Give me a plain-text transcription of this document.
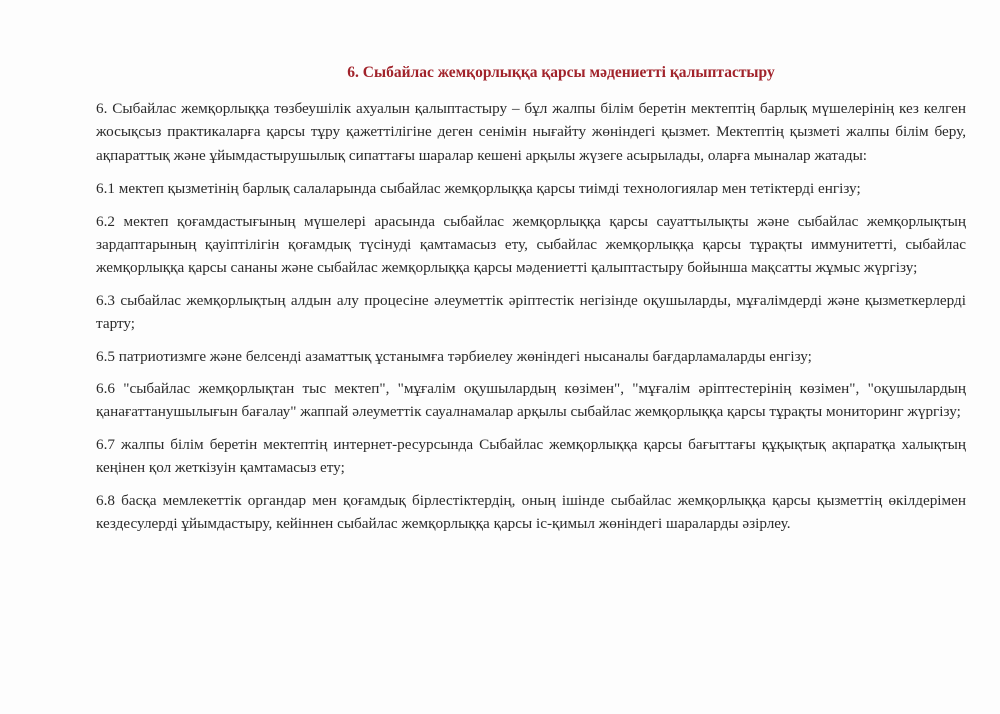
6. Сыбайлас жемқорлыққа қарсы мәдениетті қалыптастыру

6. Сыбайлас жемқорлыққа төзбеушілік ахуалын қалыптастыру – бұл жалпы білім беретін мектептің барлық мүшелерінің кез келген жосықсыз практикаларға қарсы тұру қажеттілігіне деген сенімін нығайту жөніндегі қызмет. Мектептің қызметі жалпы білім беру, ақпараттық және ұйымдастырушылық сипаттағы шаралар кешені арқылы жүзеге асырылады, оларға мыналар жатады:

6.1 мектеп қызметінің барлық салаларында сыбайлас жемқорлыққа қарсы тиімді технологиялар мен тетіктерді енгізу;

6.2 мектеп қоғамдастығының мүшелері арасында сыбайлас жемқорлыққа қарсы сауаттылықты және сыбайлас жемқорлықтың зардаптарының қауіптілігін қоғамдық түсінуді қамтамасыз ету, сыбайлас жемқорлыққа қарсы тұрақты иммунитетті, сыбайлас жемқорлыққа қарсы сананы және сыбайлас жемқорлыққа қарсы мәдениетті қалыптастыру бойынша мақсатты жұмыс жүргізу;

6.3 сыбайлас жемқорлықтың алдын алу процесіне әлеуметтік әріптестік негізінде оқушыларды, мұғалімдерді және қызметкерлерді тарту;

6.5 патриотизмге және белсенді азаматтық ұстанымға тәрбиелеу жөніндегі нысаналы бағдарламаларды енгізу;

6.6 "сыбайлас жемқорлықтан тыс мектеп", "мұғалім оқушылардың көзімен", "мұғалім әріптестерінің көзімен", "оқушылардың қанағаттанушылығын бағалау" жаппай әлеуметтік сауалнамалар арқылы сыбайлас жемқорлыққа қарсы тұрақты мониторинг жүргізу;

6.7 жалпы білім беретін мектептің интернет-ресурсында Сыбайлас жемқорлыққа қарсы бағыттағы құқықтық ақпаратқа халықтың кеңінен қол жеткізуін қамтамасыз ету;

6.8 басқа мемлекеттік органдар мен қоғамдық бірлестіктердің, оның ішінде сыбайлас жемқорлыққа қарсы қызметтің өкілдерімен кездесулерді ұйымдастыру, кейіннен сыбайлас жемқорлыққа қарсы іс-қимыл жөніндегі шараларды әзірлеу.
